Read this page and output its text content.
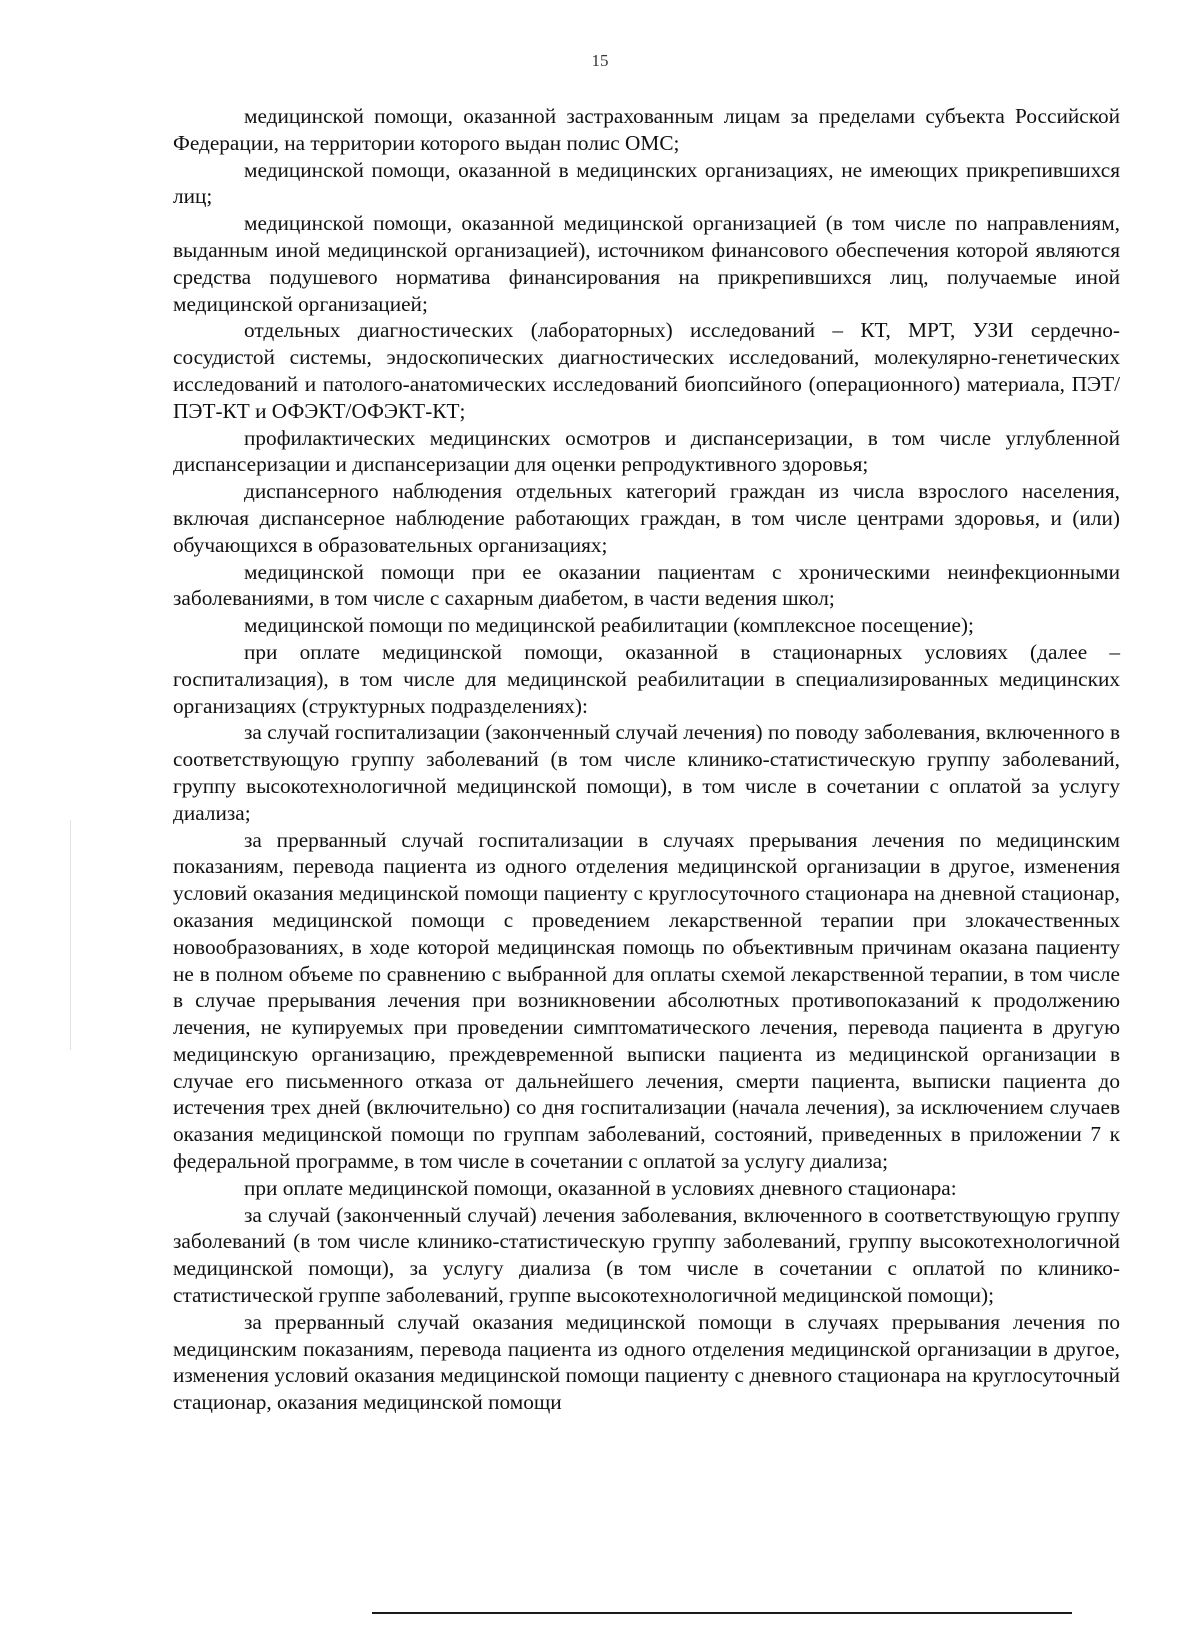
15

медицинской помощи, оказанной застрахованным лицам за пределами субъекта Российской Федерации, на территории которого выдан полис ОМС;

медицинской помощи, оказанной в медицинских организациях, не имеющих прикрепившихся лиц;

медицинской помощи, оказанной медицинской организацией (в том числе по направлениям, выданным иной медицинской организацией), источником финансового обеспечения которой являются средства подушевого норматива финансирования на прикрепившихся лиц, получаемые иной медицинской организацией;

отдельных диагностических (лабораторных) исследований – КТ, МРТ, УЗИ сердечно-сосудистой системы, эндоскопических диагностических исследований, молекулярно-генетических исследований и патолого-анатомических исследований биопсийного (операционного) материала, ПЭТ/ПЭТ-КТ и ОФЭКТ/ОФЭКТ-КТ;

профилактических медицинских осмотров и диспансеризации, в том числе углубленной диспансеризации и диспансеризации для оценки репродуктивного здоровья;

диспансерного наблюдения отдельных категорий граждан из числа взрослого населения, включая диспансерное наблюдение работающих граждан, в том числе центрами здоровья, и (или) обучающихся в образовательных организациях;

медицинской помощи при ее оказании пациентам с хроническими неинфекционными заболеваниями, в том числе с сахарным диабетом, в части ведения школ;

медицинской помощи по медицинской реабилитации (комплексное посещение);

при оплате медицинской помощи, оказанной в стационарных условиях (далее – госпитализация), в том числе для медицинской реабилитации в специализированных медицинских организациях (структурных подразделениях):

за случай госпитализации (законченный случай лечения) по поводу заболевания, включенного в соответствующую группу заболеваний (в том числе клинико-статистическую группу заболеваний, группу высокотехнологичной медицинской помощи), в том числе в сочетании с оплатой за услугу диализа;

за прерванный случай госпитализации в случаях прерывания лечения по медицинским показаниям, перевода пациента из одного отделения медицинской организации в другое, изменения условий оказания медицинской помощи пациенту с круглосуточного стационара на дневной стационар, оказания медицинской помощи с проведением лекарственной терапии при злокачественных новообразованиях, в ходе которой медицинская помощь по объективным причинам оказана пациенту не в полном объеме по сравнению с выбранной для оплаты схемой лекарственной терапии, в том числе в случае прерывания лечения при возникновении абсолютных противопоказаний к продолжению лечения, не купируемых при проведении симптоматического лечения, перевода пациента в другую медицинскую организацию, преждевременной выписки пациента из медицинской организации в случае его письменного отказа от дальнейшего лечения, смерти пациента, выписки пациента до истечения трех дней (включительно) со дня госпитализации (начала лечения), за исключением случаев оказания медицинской помощи по группам заболеваний, состояний, приведенных в приложении 7 к федеральной программе, в том числе в сочетании с оплатой за услугу диализа;

при оплате медицинской помощи, оказанной в условиях дневного стационара:

за случай (законченный случай) лечения заболевания, включенного в соответствующую группу заболеваний (в том числе клинико-статистическую группу заболеваний, группу высокотехнологичной медицинской помощи), за услугу диализа (в том числе в сочетании с оплатой по клинико-статистической группе заболеваний, группе высокотехнологичной медицинской помощи);

за прерванный случай оказания медицинской помощи в случаях прерывания лечения по медицинским показаниям, перевода пациента из одного отделения медицинской организации в другое, изменения условий оказания медицинской помощи пациенту с дневного стационара на круглосуточный стационар, оказания медицинской помощи
